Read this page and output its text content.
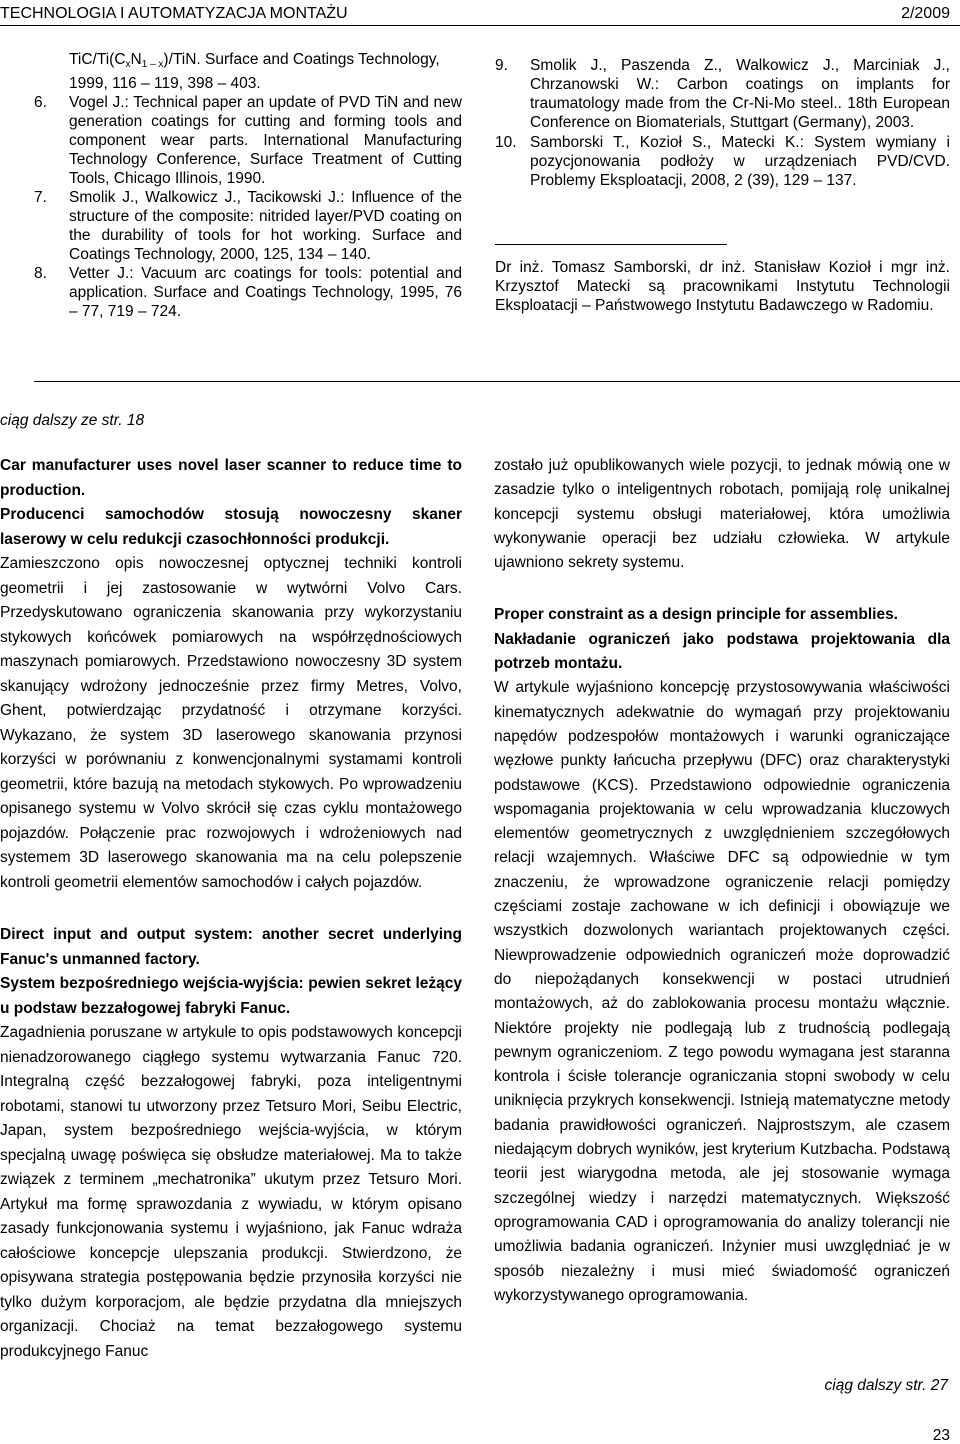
TECHNOLOGIA I AUTOMATYZACJA MONTAŻU	2/2009

TiC/$Ti(C_xN_{1 - x})$/TiN. Surface and Coatings Technology,

1999, 116 – 119, 398 – 403.

6. Vogel J.: Technical paper an update of PVD TiN and new generation coatings for cutting and forming tools and component wear parts. International Manufacturing Technology Conference, Surface Treatment of Cutting Tools, Chicago Illinois, 1990.

7. Smolik J., Walkowicz J., Tacikowski J.: Influence of the structure of the composite: nitrided layer/PVD coating on the durability of tools for hot working. Surface and Coatings Technology, 2000, 125, 134 – 140.

8. Vetter J.: Vacuum arc coatings for tools: potential and application. Surface and Coatings Technology, 1995, 76 – 77, 719 – 724.

9. Smolik J., Paszenda Z., Walkowicz J., Marciniak J., Chrzanowski W.: Carbon coatings on implants for traumatology made from the Cr-Ni-Mo steel.. 18th European Conference on Biomaterials, Stuttgart (Germany), 2003.

10. Samborski T., Kozioł S., Matecki K.: System wymiany i pozycjonowania podłoży w urządzeniach PVD/CVD. Problemy Eksploatacji, 2008, 2 (39), 129 – 137.

Dr inż. Tomasz Samborski, dr inż. Stanisław Kozioł i mgr inż. Krzysztof Matecki są pracownikami Instytutu Technologii Eksploatacji – Państwowego Instytutu Badawczego w Radomiu.
ciąg dalszy ze str. 18

Car manufacturer uses novel laser scanner to reduce time to production.

Producenci samochodów stosują nowoczesny skaner laserowy w celu redukcji czasochłonności produkcji.

Zamieszczono opis nowoczesnej optycznej techniki kontroli geometrii i jej zastosowanie w wytwórni Volvo Cars. Przedyskutowano ograniczenia skanowania przy wykorzystaniu stykowych końcówek pomiarowych na współrzędnościowych maszynach pomiarowych. Przedstawiono nowoczesny 3D system skanujący wdrożony jednocześnie przez firmy Metres, Volvo, Ghent, potwierdzając przydatność i otrzymane korzyści. Wykazano, że system 3D laserowego skanowania przynosi korzyści w porównaniu z konwencjonalnymi systamami kontroli geometrii, które bazują na metodach stykowych. Po wprowadzeniu opisanego systemu w Volvo skrócił się czas cyklu montażowego pojazdów. Połączenie prac rozwojowych i wdrożeniowych nad systemem 3D laserowego skanowania ma na celu polepszenie kontroli geometrii elementów samochodów i całych pojazdów.

Direct input and output system: another secret underlying Fanuc's unmanned factory.

System bezpośredniego wejścia-wyjścia: pewien sekret leżący u podstaw bezzałogowej fabryki Fanuc.

Zagadnienia poruszane w artykule to opis podstawowych koncepcji nienadzorowanego ciągłego systemu wytwarzania Fanuc 720. Integralną część bezzałogowej fabryki, poza inteligentnymi robotami, stanowi tu utworzony przez Tetsuro Mori, Seibu Electric, Japan, system bezpośredniego wejścia-wyjścia, w którym specjalną uwagę poświęca się obsłudze materiałowej. Ma to także związek z terminem „mechatronika” ukutym przez Tetsuro Mori. Artykuł ma formę sprawozdania z wywiadu, w którym opisano zasady funkcjonowania systemu i wyjaśniono, jak Fanuc wdraża całościowe koncepcje ulepszania produkcji. Stwierdzono, że opisywana strategia postępowania będzie przynosiła korzyści nie tylko dużym korporacjom, ale będzie przydatna dla mniejszych organizacji. Chociaż na temat bezzałogowego systemu produkcyjnego Fanuc

zostało już opublikowanych wiele pozycji, to jednak mówią one w zasadzie tylko o inteligentnych robotach, pomijają rolę unikalnej koncepcji systemu obsługi materiałowej, która umożliwia wykonywanie operacji bez udziału człowieka. W artykule ujawniono sekrety systemu.

Proper constraint as a design principle for assemblies.

Nakładanie ograniczeń jako podstawa projektowania dla potrzeb montażu.

W artykule wyjaśniono koncepcję przystosowywania właściwości kinematycznych adekwatnie do wymagań przy projektowaniu napędów podzespołów montażowych i warunki ograniczające węzłowe punkty łańcucha przepływu (DFC) oraz charakterystyki podstawowe (KCS). Przedstawiono odpowiednie ograniczenia wspomagania projektowania w celu wprowadzania kluczowych elementów geometrycznych z uwzględnieniem szczegółowych relacji wzajemnych. Właściwe DFC są odpowiednie w tym znaczeniu, że wprowadzone ograniczenie relacji pomiędzy częściami zostaje zachowane w ich definicji i obowiązuje we wszystkich dozwolonych wariantach projektowanych części. Niewprowadzenie odpowiednich ograniczeń może doprowadzić do niepożądanych konsekwencji w postaci utrudnień montażowych, aż do zablokowania procesu montażu włącznie. Niektóre projekty nie podlegają lub z trudnością podlegają pewnym ograniczeniom. Z tego powodu wymagana jest staranna kontrola i ścisłe tolerancje ograniczania stopni swobody w celu uniknięcia przykrych konsekwencji. Istnieją matematyczne metody badania prawidłowości ograniczeń. Najprostszym, ale czasem niedającym dobrych wyników, jest kryterium Kutzbacha. Podstawą teorii jest wiarygodna metoda, ale jej stosowanie wymaga szczególnej wiedzy i narzędzi matematycznych. Większość oprogramowania CAD i oprogramowania do analizy tolerancji nie umożliwia badania ograniczeń. Inżynier musi uwzględniać je w sposób niezależny i musi mieć świadomość ograniczeń wykorzystywanego oprogramowania.

ciąg dalszy str. 27
23
